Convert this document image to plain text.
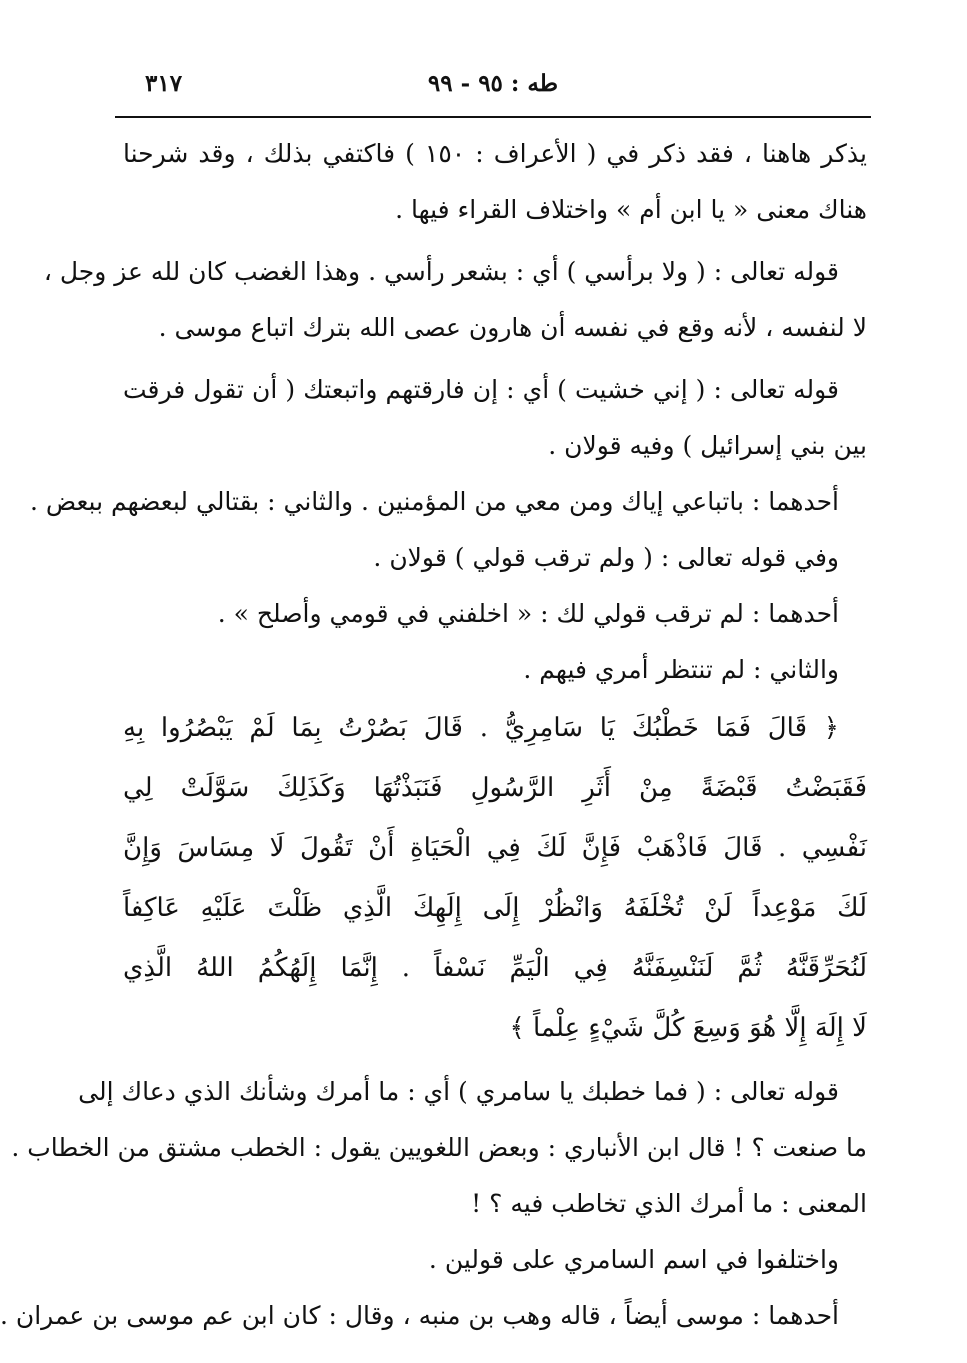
طه : ٩٥ - ٩٩
٣١٧
يذكر هاهنا ، فقد ذكر في ( الأعراف : ١٥٠ ) فاكتفي بذلك ، وقد شرحنا
هناك معنى « يا ابن أم » واختلاف القراء فيها .
قوله تعالى : ( ولا برأسي ) أي : بشعر رأسي . وهذا الغضب كان لله عز وجل ،
لا لنفسه ، لأنه وقع في نفسه أن هارون عصى الله بترك اتباع موسى .
قوله تعالى : ( إني خشيت ) أي : إن فارقتهم واتبعتك ( أن تقول فرقت
بين بني إسرائيل ) وفيه قولان .
أحدهما : باتباعي إياك ومن معي من المؤمنين . والثاني : بقتالي لبعضهم ببعض .
وفي قوله تعالى : ( ولم ترقب قولي ) قولان .
أحدهما : لم ترقب قولي لك : « اخلفني في قومي وأصلح » .
والثاني : لم تنتظر أمري فيهم .
﴿ قَالَ فَمَا خَطْبُكَ يَا سَامِرِيُّ . قَالَ بَصُرْتُ بِمَا لَمْ يَبْصُرُوا بِهِ
فَقَبَضْتُ قَبْضَةً مِنْ أَثَرِ الرَّسُولِ فَنَبَذْتُهَا وَكَذَلِكَ سَوَّلَتْ لِي
نَفْسِي . قَالَ فَاذْهَبْ فَإِنَّ لَكَ فِي الْحَيَاةِ أَنْ تَقُولَ لَا مِسَاسَ وَإِنَّ
لَكَ مَوْعِداً لَنْ تُخْلَفَهُ وَانْظُرْ إِلَى إِلَهِكَ الَّذِي ظَلْتَ عَلَيْهِ عَاكِفاً
لَنُحَرِّقَنَّهُ ثُمَّ لَنَنْسِفَنَّهُ فِي الْيَمِّ نَسْفاً . إِنَّمَا إِلَهُكُمُ اللهُ الَّذِي
لَا إِلَهَ إِلَّا هُوَ وَسِعَ كُلَّ شَيْءٍ عِلْماً ﴾
قوله تعالى : ( فما خطبك يا سامري ) أي : ما أمرك وشأنك الذي دعاك إلى
ما صنعت ؟ ! قال ابن الأنباري : وبعض اللغويين يقول : الخطب مشتق من الخطاب .
المعنى : ما أمرك الذي تخاطب فيه ؟ !
واختلفوا في اسم السامري على قولين .
أحدهما : موسى أيضاً ، قاله وهب بن منبه ، وقال : كان ابن عم موسى بن عمران .
